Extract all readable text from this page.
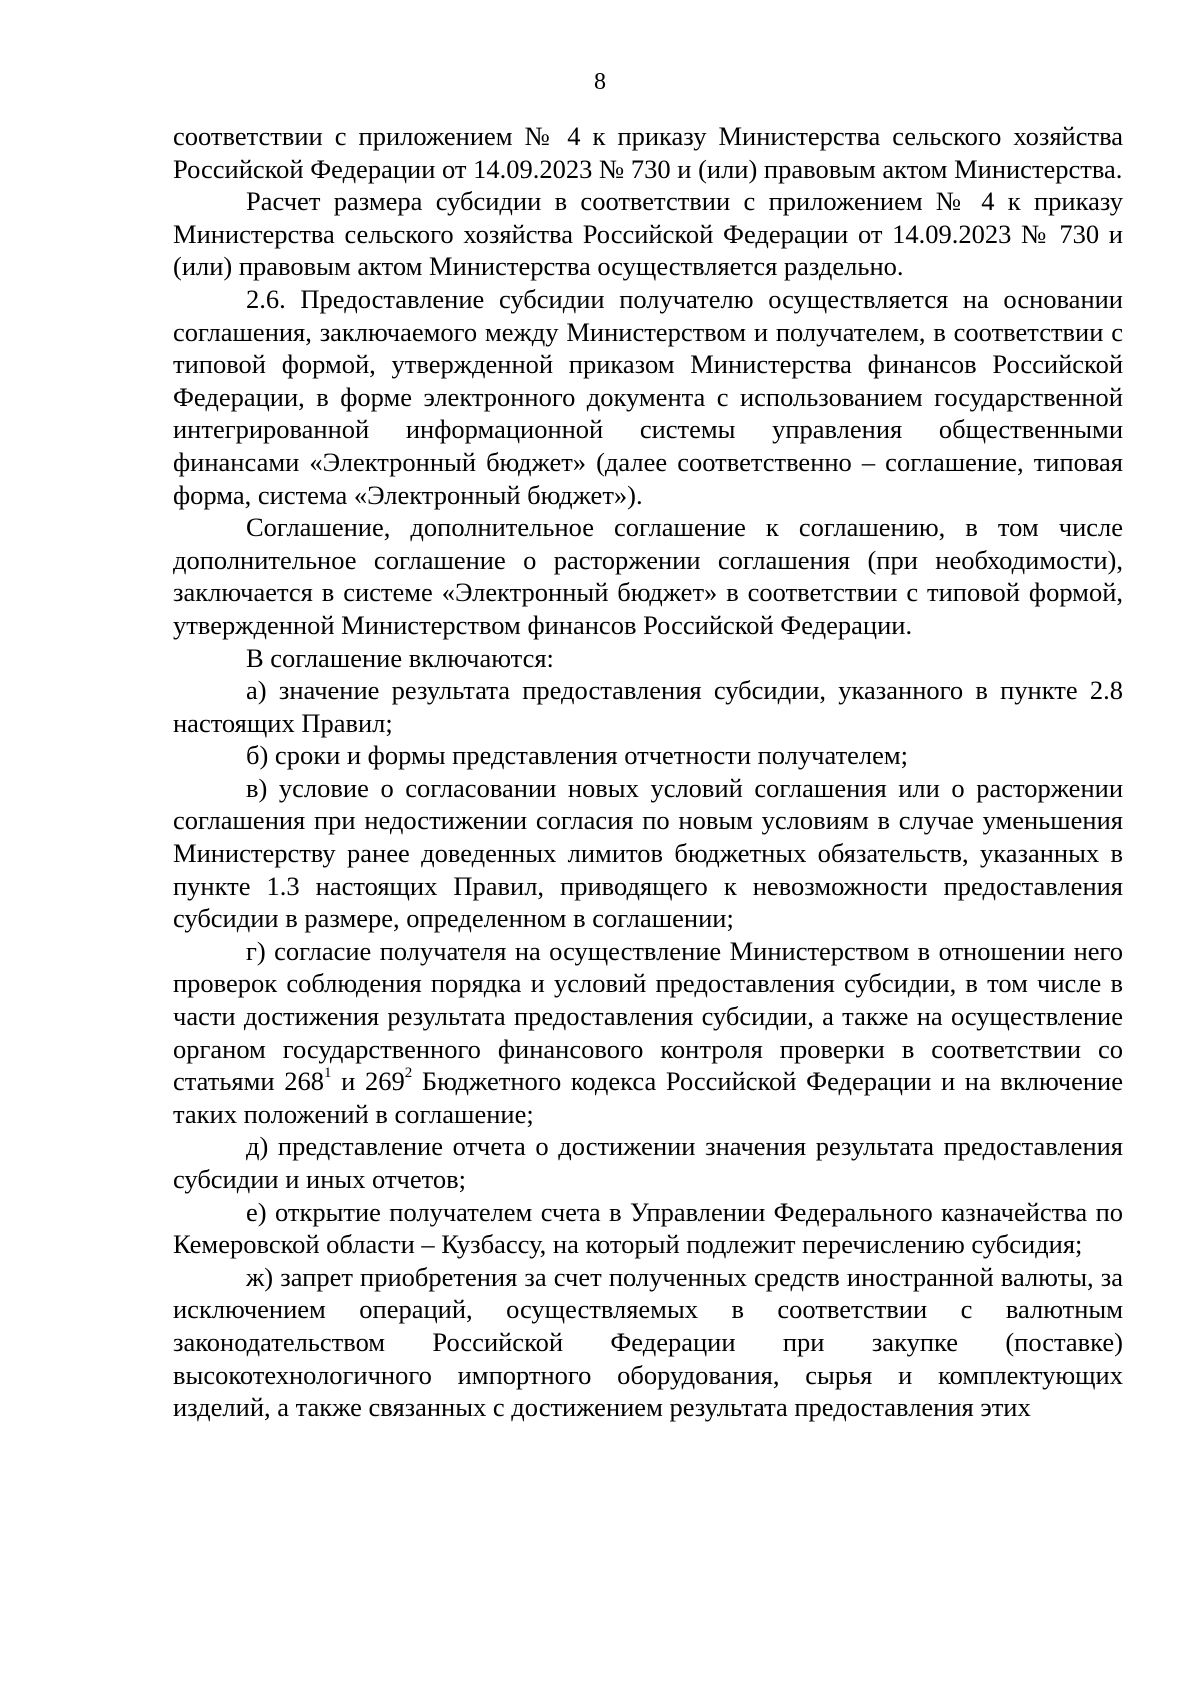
8

соответствии с приложением № 4 к приказу Министерства сельского хозяйства Российской Федерации от 14.09.2023 № 730 и (или) правовым актом Министерства.

Расчет размера субсидии в соответствии с приложением № 4 к приказу Министерства сельского хозяйства Российской Федерации от 14.09.2023 № 730 и (или) правовым актом Министерства осуществляется раздельно.

2.6. Предоставление субсидии получателю осуществляется на основании соглашения, заключаемого между Министерством и получателем, в соответствии с типовой формой, утвержденной приказом Министерства финансов Российской Федерации, в форме электронного документа с использованием государственной интегрированной информационной системы управления общественными финансами «Электронный бюджет» (далее соответственно – соглашение, типовая форма, система «Электронный бюджет»).

Соглашение, дополнительное соглашение к соглашению, в том числе дополнительное соглашение о расторжении соглашения (при необходимости), заключается в системе «Электронный бюджет» в соответствии с типовой формой, утвержденной Министерством финансов Российской Федерации.

В соглашение включаются:

а) значение результата предоставления субсидии, указанного в пункте 2.8 настоящих Правил;

б) сроки и формы представления отчетности получателем;

в) условие о согласовании новых условий соглашения или о расторжении соглашения при недостижении согласия по новым условиям в случае уменьшения Министерству ранее доведенных лимитов бюджетных обязательств, указанных в пункте 1.3 настоящих Правил, приводящего к невозможности предоставления субсидии в размере, определенном в соглашении;

г) согласие получателя на осуществление Министерством в отношении него проверок соблюдения порядка и условий предоставления субсидии, в том числе в части достижения результата предоставления субсидии, а также на осуществление органом государственного финансового контроля проверки в соответствии со статьями $268^1$ и $269^2$ Бюджетного кодекса Российской Федерации и на включение таких положений в соглашение;

д) представление отчета о достижении значения результата предоставления субсидии и иных отчетов;

е) открытие получателем счета в Управлении Федерального казначейства по Кемеровской области – Кузбассу, на который подлежит перечислению субсидия;

ж) запрет приобретения за счет полученных средств иностранной валюты, за исключением операций, осуществляемых в соответствии с валютным законодательством Российской Федерации при закупке (поставке) высокотехнологичного импортного оборудования, сырья и комплектующих изделий, а также связанных с достижением результата предоставления этих
